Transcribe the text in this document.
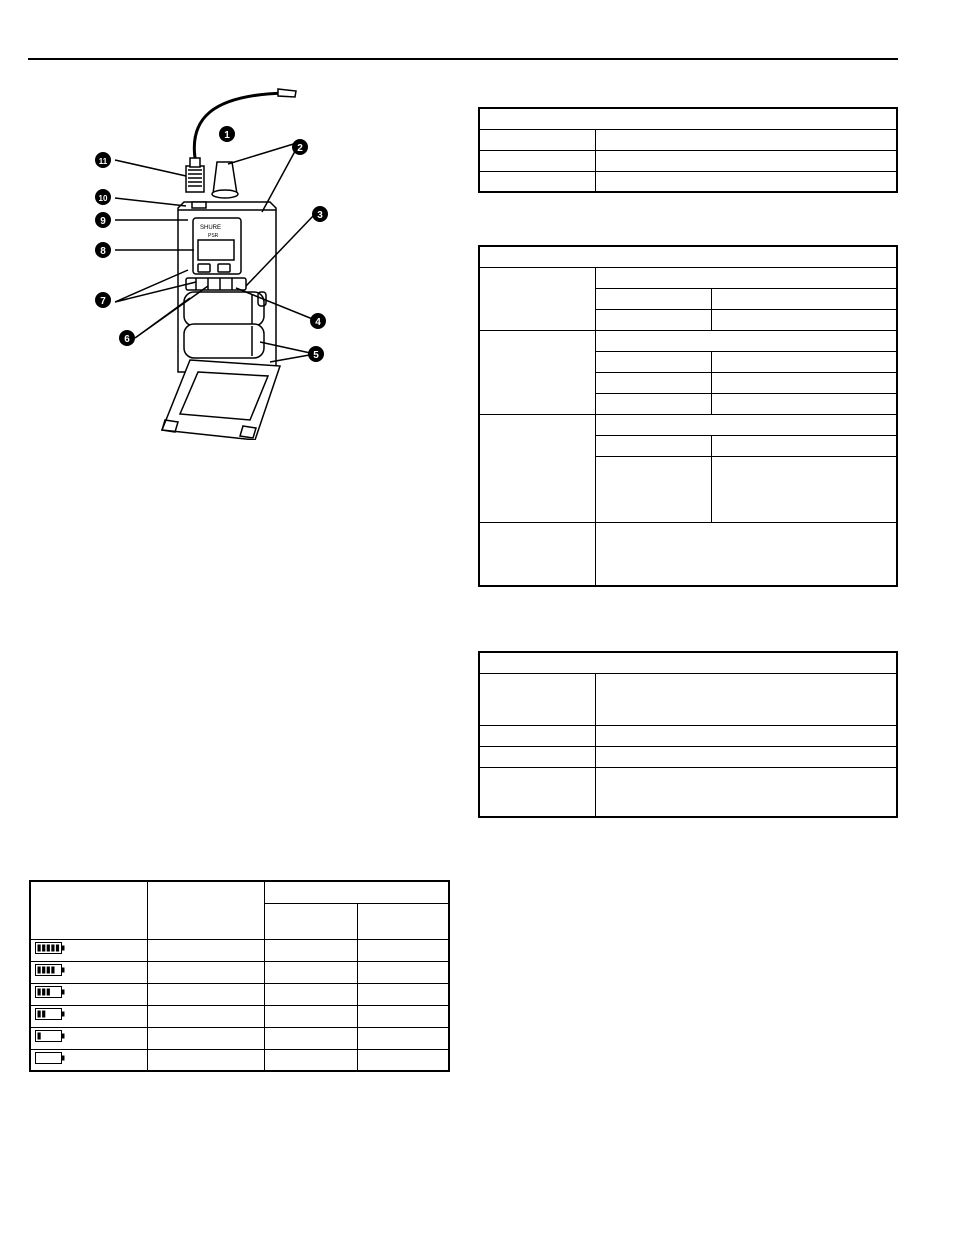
SHURE
PSR
1
2
3
4
5
6
7
8
9
10
11
